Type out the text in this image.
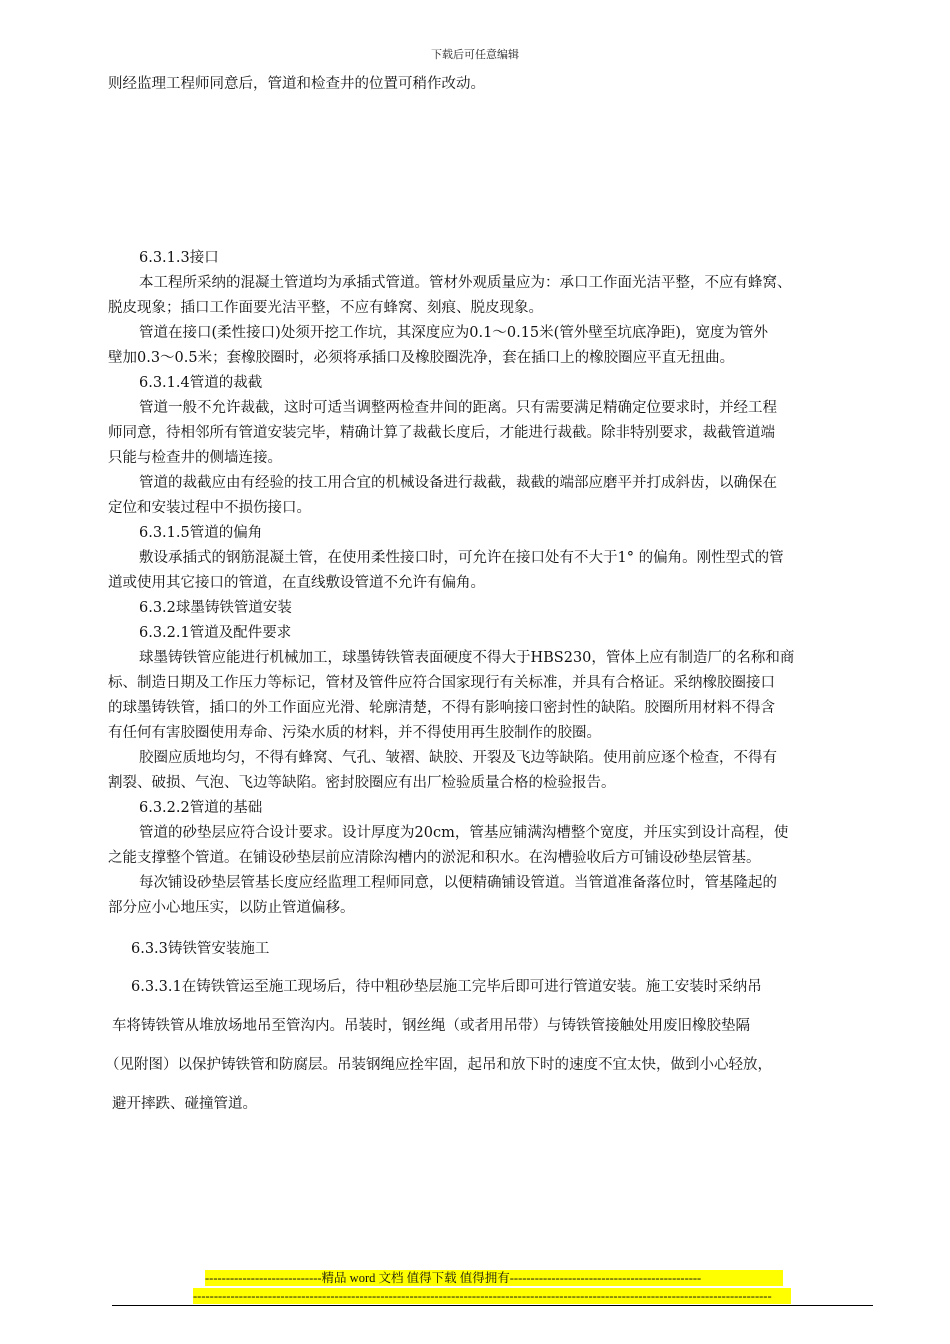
下载后可任意编辑

则经监理工程师同意后，管道和检查井的位置可稍作改动。

6.3.1.3接口

本工程所采纳的混凝土管道均为承插式管道。管材外观质量应为：承口工作面光洁平整，不应有蜂窝、

脱皮现象；插口工作面要光洁平整，不应有蜂窝、刻痕、脱皮现象。

管道在接口(柔性接口)处须开挖工作坑，其深度应为0.1～0.15米(管外壁至坑底净距)，宽度为管外

壁加0.3～0.5米；套橡胶圈时，必须将承插口及橡胶圈洗净，套在插口上的橡胶圈应平直无扭曲。

6.3.1.4管道的裁截

管道一般不允许裁截，这时可适当调整两检查井间的距离。只有需要满足精确定位要求时，并经工程

师同意，待相邻所有管道安装完毕，精确计算了裁截长度后，才能进行裁截。除非特别要求，裁截管道端

只能与检查井的侧墙连接。

管道的裁截应由有经验的技工用合宜的机械设备进行裁截，裁截的端部应磨平并打成斜齿，以确保在

定位和安装过程中不损伤接口。

6.3.1.5管道的偏角

敷设承插式的钢筋混凝土管，在使用柔性接口时，可允许在接口处有不大于1° 的偏角。刚性型式的管

道或使用其它接口的管道，在直线敷设管道不允许有偏角。

6.3.2球墨铸铁管道安装

6.3.2.1管道及配件要求

球墨铸铁管应能进行机械加工，球墨铸铁管表面硬度不得大于HBS230，管体上应有制造厂的名称和商

标、制造日期及工作压力等标记，管材及管件应符合国家现行有关标准，并具有合格证。采纳橡胶圈接口

的球墨铸铁管，插口的外工作面应光滑、轮廓清楚，不得有影响接口密封性的缺陷。胶圈所用材料不得含

有任何有害胶圈使用寿命、污染水质的材料，并不得使用再生胶制作的胶圈。

胶圈应质地均匀，不得有蜂窝、气孔、皱褶、缺胶、开裂及飞边等缺陷。使用前应逐个检查，不得有

割裂、破损、气泡、飞边等缺陷。密封胶圈应有出厂检验质量合格的检验报告。

6.3.2.2管道的基础

管道的砂垫层应符合设计要求。设计厚度为20cm，管基应铺满沟槽整个宽度，并压实到设计高程，使

之能支撑整个管道。在铺设砂垫层前应清除沟槽内的淤泥和积水。在沟槽验收后方可铺设砂垫层管基。

每次铺设砂垫层管基长度应经监理工程师同意，以便精确铺设管道。当管道准备落位时，管基隆起的

部分应小心地压实，以防止管道偏移。

6.3.3铸铁管安装施工

6.3.3.1在铸铁管运至施工现场后，待中粗砂垫层施工完毕后即可进行管道安装。施工安装时采纳吊

车将铸铁管从堆放场地吊至管沟内。吊装时，钢丝绳（或者用吊带）与铸铁管接触处用废旧橡胶垫隔

（见附图）以保护铸铁管和防腐层。吊装钢绳应拴牢固，起吊和放下时的速度不宜太快，做到小心轻放，

避开摔跌、碰撞管道。

----------------------------精品 word 文档 值得下载 值得拥有----------------------------------------------
-------------------------------------------------------------------------------------------------------------------------------------------
